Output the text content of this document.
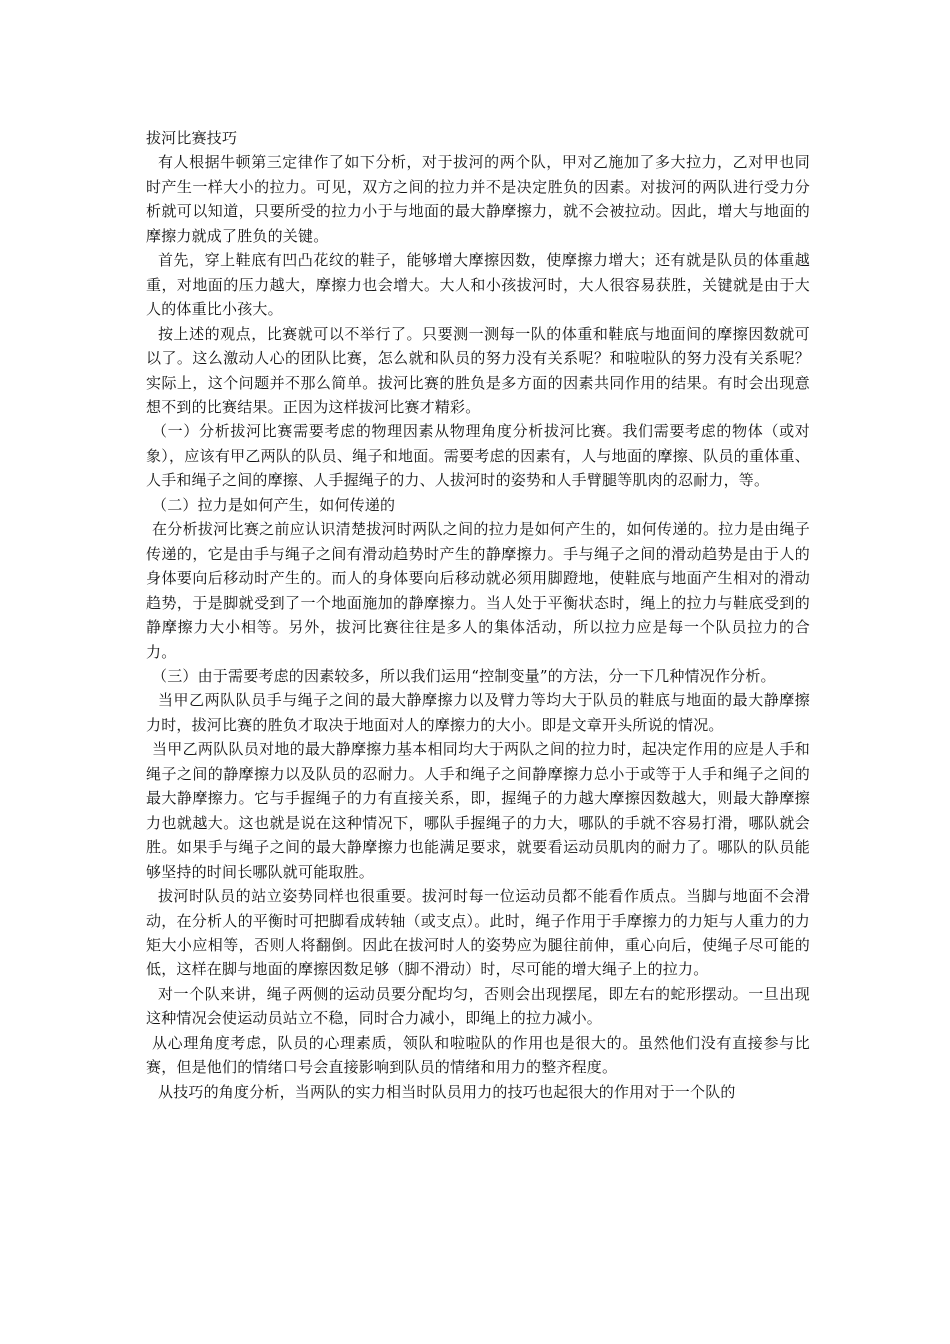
拔河比赛技巧

有人根据牛顿第三定律作了如下分析，对于拔河的两个队，甲对乙施加了多大拉力，乙对甲也同时产生一样大小的拉力。可见，双方之间的拉力并不是决定胜负的因素。对拔河的两队进行受力分析就可以知道，只要所受的拉力小于与地面的最大静摩擦力，就不会被拉动。因此，增大与地面的摩擦力就成了胜负的关键。

首先，穿上鞋底有凹凸花纹的鞋子，能够增大摩擦因数，使摩擦力增大；还有就是队员的体重越重，对地面的压力越大，摩擦力也会增大。大人和小孩拔河时，大人很容易获胜，关键就是由于大人的体重比小孩大。

按上述的观点，比赛就可以不举行了。只要测一测每一队的体重和鞋底与地面间的摩擦因数就可以了。这么激动人心的团队比赛，怎么就和队员的努力没有关系呢？和啦啦队的努力没有关系呢？实际上，这个问题并不那么简单。拔河比赛的胜负是多方面的因素共同作用的结果。有时会出现意想不到的比赛结果。正因为这样拔河比赛才精彩。

（一）分析拔河比赛需要考虑的物理因素从物理角度分析拔河比赛。我们需要考虑的物体（或对象），应该有甲乙两队的队员、绳子和地面。需要考虑的因素有，人与地面的摩擦、队员的重体重、人手和绳子之间的摩擦、人手握绳子的力、人拔河时的姿势和人手臂腿等肌肉的忍耐力，等。

（二）拉力是如何产生，如何传递的

在分析拔河比赛之前应认识清楚拔河时两队之间的拉力是如何产生的，如何传递的。拉力是由绳子传递的，它是由手与绳子之间有滑动趋势时产生的静摩擦力。手与绳子之间的滑动趋势是由于人的身体要向后移动时产生的。而人的身体要向后移动就必须用脚蹬地，使鞋底与地面产生相对的滑动趋势，于是脚就受到了一个地面施加的静摩擦力。当人处于平衡状态时，绳上的拉力与鞋底受到的静摩擦力大小相等。另外，拔河比赛往往是多人的集体活动，所以拉力应是每一个队员拉力的合力。

（三）由于需要考虑的因素较多，所以我们运用“控制变量”的方法，分一下几种情况作分析。

当甲乙两队队员手与绳子之间的最大静摩擦力以及臂力等均大于队员的鞋底与地面的最大静摩擦力时，拔河比赛的胜负才取决于地面对人的摩擦力的大小。即是文章开头所说的情况。

当甲乙两队队员对地的最大静摩擦力基本相同均大于两队之间的拉力时，起决定作用的应是人手和绳子之间的静摩擦力以及队员的忍耐力。人手和绳子之间静摩擦力总小于或等于人手和绳子之间的最大静摩擦力。它与手握绳子的力有直接关系，即，握绳子的力越大摩擦因数越大，则最大静摩擦力也就越大。这也就是说在这种情况下，哪队手握绳子的力大，哪队的手就不容易打滑，哪队就会胜。如果手与绳子之间的最大静摩擦力也能满足要求，就要看运动员肌肉的耐力了。哪队的队员能够坚持的时间长哪队就可能取胜。

拔河时队员的站立姿势同样也很重要。拔河时每一位运动员都不能看作质点。当脚与地面不会滑动，在分析人的平衡时可把脚看成转轴（或支点）。此时，绳子作用于手摩擦力的力矩与人重力的力矩大小应相等，否则人将翻倒。因此在拔河时人的姿势应为腿往前伸，重心向后，使绳子尽可能的低，这样在脚与地面的摩擦因数足够（脚不滑动）时，尽可能的增大绳子上的拉力。

对一个队来讲，绳子两侧的运动员要分配均匀，否则会出现摆尾，即左右的蛇形摆动。一旦出现这种情况会使运动员站立不稳，同时合力减小，即绳上的拉力减小。

从心理角度考虑，队员的心理素质，领队和啦啦队的作用也是很大的。虽然他们没有直接参与比赛，但是他们的情绪口号会直接影响到队员的情绪和用力的整齐程度。

从技巧的角度分析，当两队的实力相当时队员用力的技巧也起很大的作用对于一个队的
